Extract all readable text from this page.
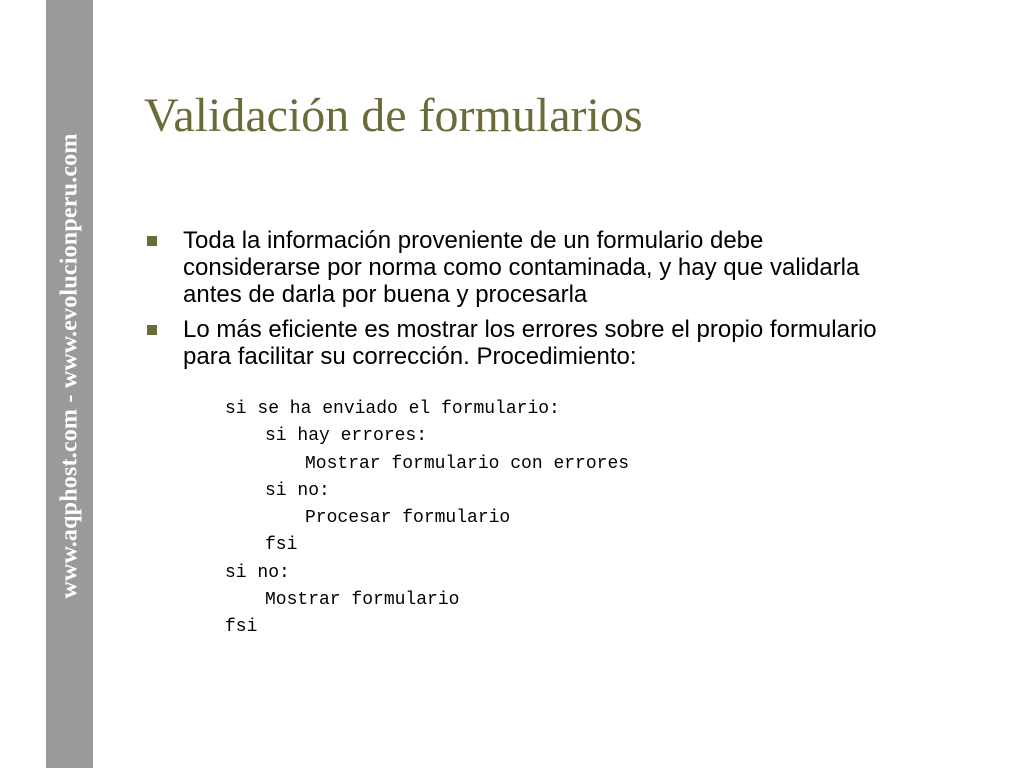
www.aqphost.com - www.evolucionperu.com
Validación de formularios
Toda la información proveniente de un formulario debe considerarse por norma como contaminada, y hay que validarla antes de darla por buena y procesarla
Lo más eficiente es mostrar los errores sobre el propio formulario para facilitar su corrección. Procedimiento:
si se ha enviado el formulario:
si hay errores:
Mostrar formulario con errores
si no:
Procesar formulario
fsi
si no:
Mostrar formulario
fsi
